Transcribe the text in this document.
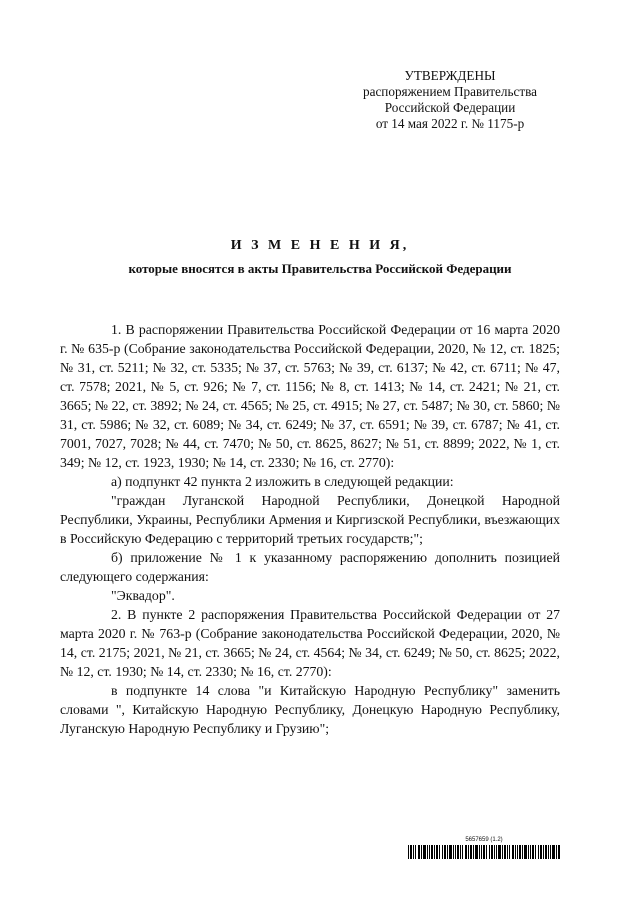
УТВЕРЖДЕНЫ
распоряжением Правительства
Российской Федерации
от 14 мая 2022 г. № 1175-р
И З М Е Н Е Н И Я,
которые вносятся в акты Правительства Российской Федерации

1. В распоряжении Правительства Российской Федерации от 16 марта 2020 г. № 635-р (Собрание законодательства Российской Федерации, 2020, № 12, ст. 1825; № 31, ст. 5211; № 32, ст. 5335; № 37, ст. 5763; № 39, ст. 6137; № 42, ст. 6711; № 47, ст. 7578; 2021, № 5, ст. 926; № 7, ст. 1156; № 8, ст. 1413; № 14, ст. 2421; № 21, ст. 3665; № 22, ст. 3892; № 24, ст. 4565; № 25, ст. 4915; № 27, ст. 5487; № 30, ст. 5860; № 31, ст. 5986; № 32, ст. 6089; № 34, ст. 6249; № 37, ст. 6591; № 39, ст. 6787; № 41, ст. 7001, 7027, 7028; № 44, ст. 7470; № 50, ст. 8625, 8627; № 51, ст. 8899; 2022, № 1, ст. 349; № 12, ст. 1923, 1930; № 14, ст. 2330; № 16, ст. 2770):

а) подпункт 42 пункта 2 изложить в следующей редакции:

"граждан Луганской Народной Республики, Донецкой Народной Республики, Украины, Республики Армения и Киргизской Республики, въезжающих в Российскую Федерацию с территорий третьих государств;";

б) приложение № 1 к указанному распоряжению дополнить позицией следующего содержания:

"Эквадор".

2. В пункте 2 распоряжения Правительства Российской Федерации от 27 марта 2020 г. № 763-р (Собрание законодательства Российской Федерации, 2020, № 14, ст. 2175; 2021, № 21, ст. 3665; № 24, ст. 4564; № 34, ст. 6249; № 50, ст. 8625; 2022, № 12, ст. 1930; № 14, ст. 2330; № 16, ст. 2770):

в подпункте 14 слова "и Китайскую Народную Республику" заменить словами ", Китайскую Народную Республику, Донецкую Народную Республику, Луганскую Народную Республику и Грузию";

5657659 (1.2)
